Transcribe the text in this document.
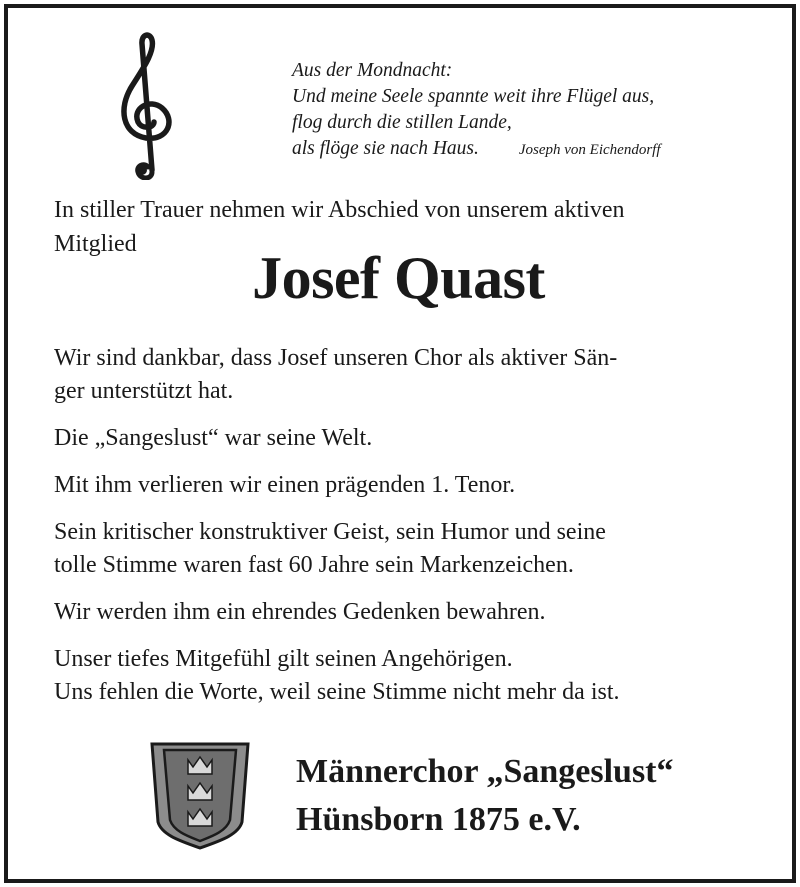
Aus der Mondnacht:
Und meine Seele spannte weit ihre Flügel aus,
flog durch die stillen Lande,
als flöge sie nach Haus.	Joseph von Eichendorff
In stiller Trauer nehmen wir Abschied von unserem aktiven
Mitglied
Josef Quast

Wir sind dankbar, dass Josef unseren Chor als aktiver Sän-

ger unterstützt hat.

Die „Sangeslust“ war seine Welt.

Mit ihm verlieren wir einen prägenden 1. Tenor.

Sein kritischer konstruktiver Geist, sein Humor und seine

tolle Stimme waren fast 60 Jahre sein Markenzeichen.

Wir werden ihm ein ehrendes Gedenken bewahren.

Unser tiefes Mitgefühl gilt seinen Angehörigen.

Uns fehlen die Worte, weil seine Stimme nicht mehr da ist.

Männerchor „Sangeslust“
Hünsborn 1875 e.V.
